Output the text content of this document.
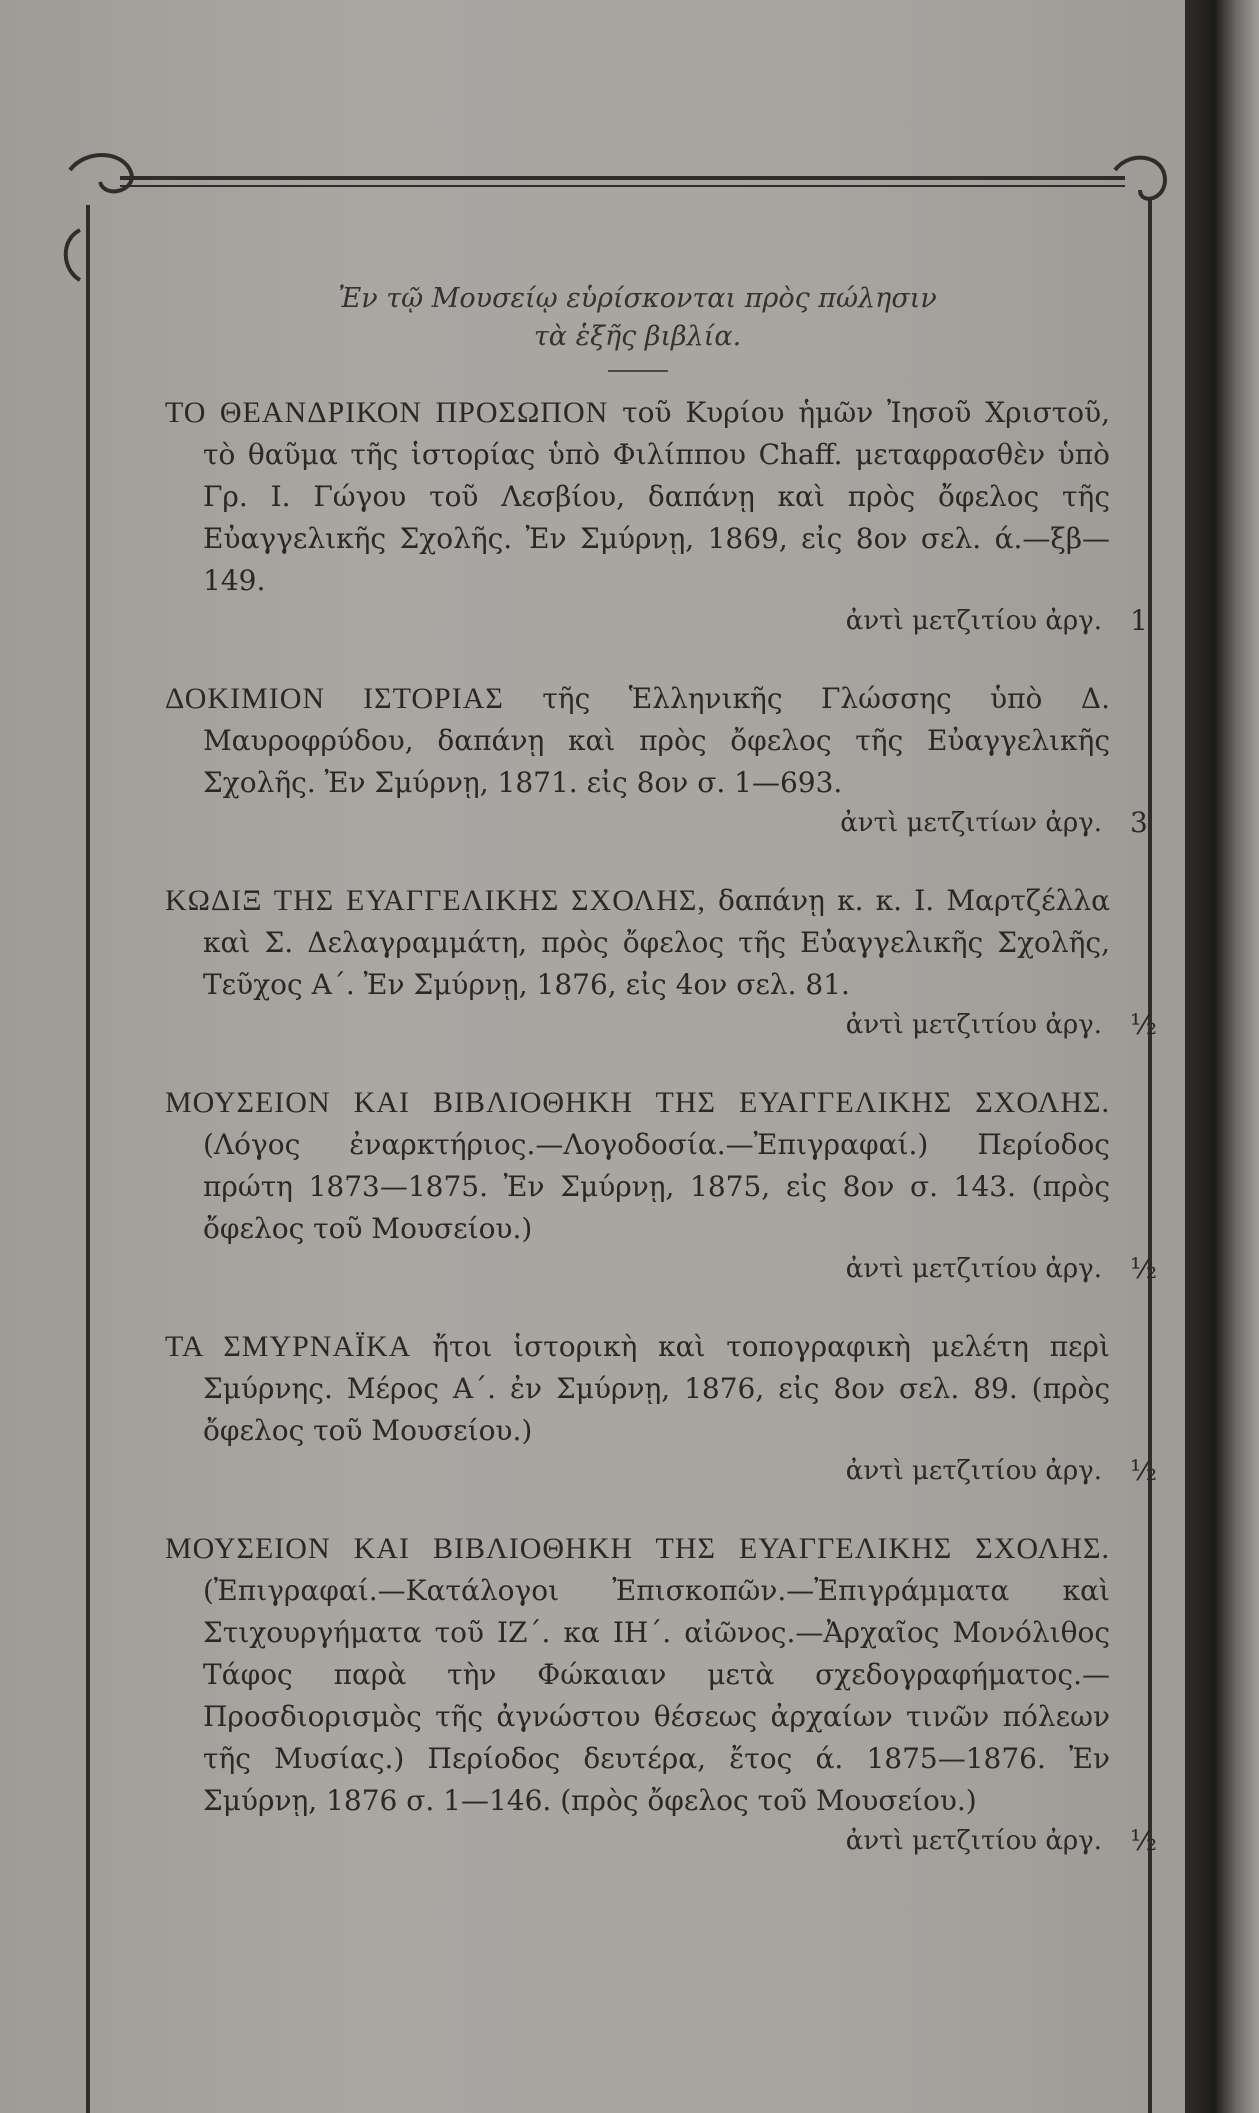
Ἐν τῷ Μουσείῳ εὑρίσκονται πρὸς πώλησιν
τὰ ἑξῆς βιβλία.

ΤΟ ΘΕΑΝΔΡΙΚΟΝ ΠΡΟΣΩΠΟΝ τοῦ Κυρίου ἡμῶν Ἰησοῦ Χριστοῦ, τὸ θαῦμα τῆς ἱστορίας ὑπὸ Φιλίππου Chaff. μεταφρασθὲν ὑπὸ Γρ. Ι. Γώγου τοῦ Λεσβίου, δαπάνῃ καὶ πρὸς ὄφελος τῆς Εὐαγγελικῆς Σχολῆς. Ἐν Σμύρνῃ, 1869, εἰς 8ον σελ. ά.—ξβ—149.

ἀντὶ μετζιτίου ἀργ. 1

ΔΟΚΙΜΙΟΝ ΙΣΤΟΡΙΑΣ τῆς Ἑλληνικῆς Γλώσσης ὑπὸ Δ. Μαυροφρύδου, δαπάνῃ καὶ πρὸς ὄφελος τῆς Εὐαγγελικῆς Σχολῆς. Ἐν Σμύρνῃ, 1871. εἰς 8ον σ. 1—693.

ἀντὶ μετζιτίων ἀργ. 3

ΚΩΔΙΞ ΤΗΣ ΕΥΑΓΓΕΛΙΚΗΣ ΣΧΟΛΗΣ, δαπάνῃ κ. κ. Ι. Μαρτζέλλα καὶ Σ. Δελαγραμμάτη, πρὸς ὄφελος τῆς Εὐαγγελικῆς Σχολῆς, Τεῦχος Α΄. Ἐν Σμύρνῃ, 1876, εἰς 4ον σελ. 81.

ἀντὶ μετζιτίου ἀργ. ½

ΜΟΥΣΕΙΟΝ ΚΑΙ ΒΙΒΛΙΟΘΗΚΗ ΤΗΣ ΕΥΑΓΓΕΛΙΚΗΣ ΣΧΟΛΗΣ. (Λόγος ἐναρκτήριος.—Λογοδοσία.—Ἐπιγραφαί.) Περίοδος πρώτη 1873—1875. Ἐν Σμύρνῃ, 1875, εἰς 8ον σ. 143. (πρὸς ὄφελος τοῦ Μουσείου.)

ἀντὶ μετζιτίου ἀργ. ½

ΤΑ ΣΜΥΡΝΑΪΚΑ ἤτοι ἱστορικὴ καὶ τοπογραφικὴ μελέτη περὶ Σμύρνης. Μέρος Α΄. ἐν Σμύρνῃ, 1876, εἰς 8ον σελ. 89. (πρὸς ὄφελος τοῦ Μουσείου.)

ἀντὶ μετζιτίου ἀργ. ½

ΜΟΥΣΕΙΟΝ ΚΑΙ ΒΙΒΛΙΟΘΗΚΗ ΤΗΣ ΕΥΑΓΓΕΛΙΚΗΣ ΣΧΟΛΗΣ. (Ἐπιγραφαί.—Κατάλογοι Ἐπισκοπῶν.—Ἐπιγράμματα καὶ Στιχουργήματα τοῦ ΙΖ΄. κα ΙΗ΄. αἰῶνος.—Ἀρχαῖος Μονόλιθος Τάφος παρὰ τὴν Φώκαιαν μετὰ σχεδογραφήματος.—Προσδιορισμὸς τῆς ἀγνώστου θέσεως ἀρχαίων τινῶν πόλεων τῆς Μυσίας.) Περίοδος δευτέρα, ἔτος ά. 1875—1876. Ἐν Σμύρνῃ, 1876 σ. 1—146. (πρὸς ὄφελος τοῦ Μουσείου.)

ἀντὶ μετζιτίου ἀργ. ½
